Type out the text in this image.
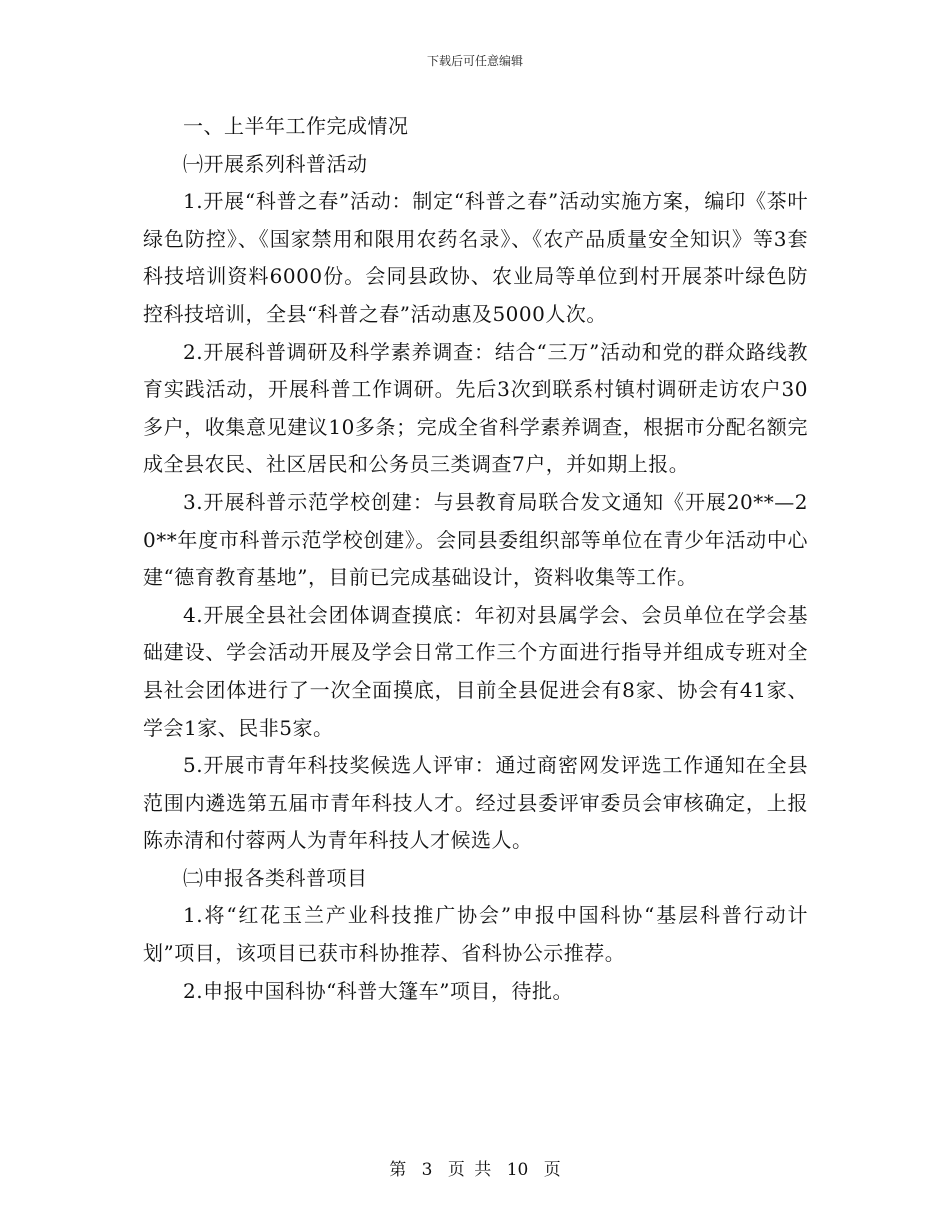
下载后可任意编辑

一、上半年工作完成情况

㈠开展系列科普活动

1.开展“科普之春”活动：制定“科普之春”活动实施方案，编印《茶叶绿色防控》、《国家禁用和限用农药名录》、《农产品质量安全知识》等3套科技培训资料6000份。会同县政协、农业局等单位到村开展茶叶绿色防控科技培训，全县“科普之春”活动惠及5000人次。

2.开展科普调研及科学素养调查：结合“三万”活动和党的群众路线教育实践活动，开展科普工作调研。先后3次到联系村镇村调研走访农户30多户，收集意见建议10多条；完成全省科学素养调查，根据市分配名额完成全县农民、社区居民和公务员三类调查7户，并如期上报。

3.开展科普示范学校创建：与县教育局联合发文通知《开展20**—20**年度市科普示范学校创建》。会同县委组织部等单位在青少年活动中心建“德育教育基地”，目前已完成基础设计，资料收集等工作。

4.开展全县社会团体调查摸底：年初对县属学会、会员单位在学会基础建设、学会活动开展及学会日常工作三个方面进行指导并组成专班对全县社会团体进行了一次全面摸底，目前全县促进会有8家、协会有41家、学会1家、民非5家。

5.开展市青年科技奖候选人评审：通过商密网发评选工作通知在全县范围内遴选第五届市青年科技人才。经过县委评审委员会审核确定，上报陈赤清和付蓉两人为青年科技人才候选人。

㈡申报各类科普项目

1.将“红花玉兰产业科技推广协会”申报中国科协“基层科普行动计划”项目，该项目已获市科协推荐、省科协公示推荐。

2.申报中国科协“科普大篷车”项目，待批。

第 3 页 共 10 页
